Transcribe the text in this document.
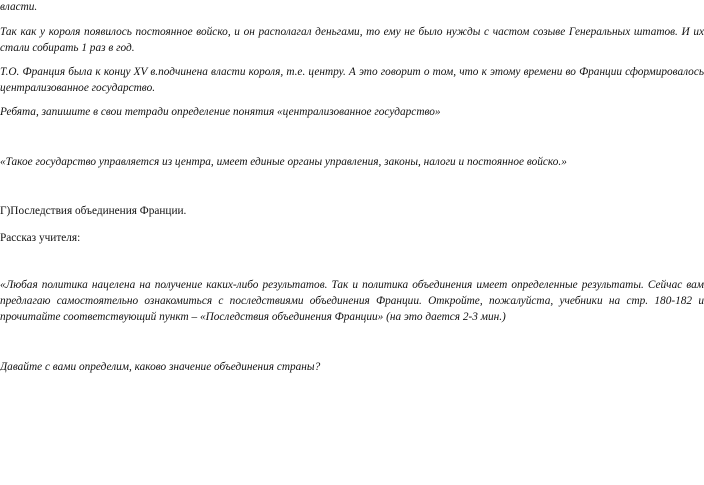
власти.

Так как у короля появилось постоянное войско, и он располагал деньгами, то ему не было нужды с частом созыве Генеральных штатов. И их стали собирать 1 раз в год.

Т.О. Франция была к концу XV в.подчинена власти короля, т.е. центру. А это говорит о том, что к этому времени во Франции сформировалось централизованное государство.

Ребята, запишите в свои тетради определение понятия «централизованное государство»

«Такое государство управляется из центра, имеет единые органы управления, законы, налоги и постоянное войско.»

Г)Последствия объединения Франции.

Рассказ учителя:

«Любая политика нацелена на получение каких-либо результатов. Так и политика объединения имеет определенные результаты. Сейчас вам предлагаю самостоятельно ознакомиться с последствиями объединения Франции. Откройте, пожалуйста, учебники на стр. 180-182 и прочитайте соответствующий пункт – «Последствия объединения Франции» (на это дается 2-3 мин.)

Давайте с вами определим, каково значение объединения страны?
